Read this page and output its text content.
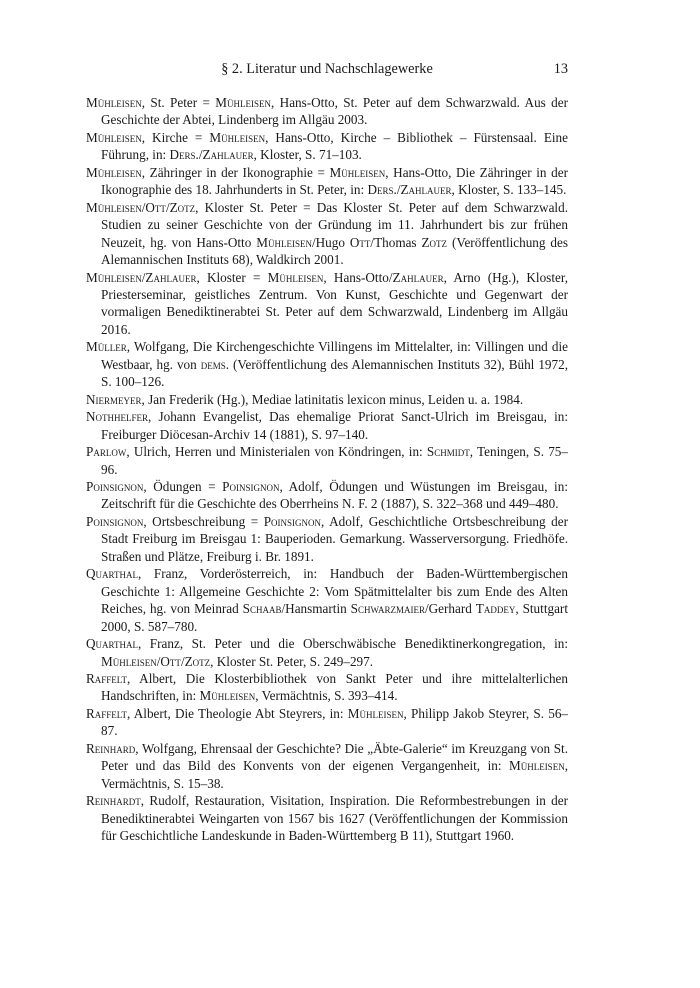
§ 2. Literatur und Nachschlagewerke	13
Mühleisen, St. Peter = Mühleisen, Hans-Otto, St. Peter auf dem Schwarzwald. Aus der Geschichte der Abtei, Lindenberg im Allgäu 2003.
Mühleisen, Kirche = Mühleisen, Hans-Otto, Kirche – Bibliothek – Fürstensaal. Eine Führung, in: Ders./Zahlauer, Kloster, S. 71–103.
Mühleisen, Zähringer in der Ikonographie = Mühleisen, Hans-Otto, Die Zähringer in der Ikonographie des 18. Jahrhunderts in St. Peter, in: Ders./Zahlauer, Kloster, S. 133–145.
Mühleisen/Ott/Zotz, Kloster St. Peter = Das Kloster St. Peter auf dem Schwarzwald. Studien zu seiner Geschichte von der Gründung im 11. Jahrhundert bis zur frühen Neuzeit, hg. von Hans-Otto Mühleisen/Hugo Ott/Thomas Zotz (Veröffentlichung des Alemannischen Instituts 68), Waldkirch 2001.
Mühleisen/Zahlauer, Kloster = Mühleisen, Hans-Otto/Zahlauer, Arno (Hg.), Kloster, Priesterseminar, geistliches Zentrum. Von Kunst, Geschichte und Gegenwart der vormaligen Benediktinerabtei St. Peter auf dem Schwarzwald, Lindenberg im Allgäu 2016.
Müller, Wolfgang, Die Kirchengeschichte Villingens im Mittelalter, in: Villingen und die Westbaar, hg. von dems. (Veröffentlichung des Alemannischen Instituts 32), Bühl 1972, S. 100–126.
Niermeyer, Jan Frederik (Hg.), Mediae latinitatis lexicon minus, Leiden u. a. 1984.
Nothhelfer, Johann Evangelist, Das ehemalige Priorat Sanct-Ulrich im Breisgau, in: Freiburger Diöcesan-Archiv 14 (1881), S. 97–140.
Parlow, Ulrich, Herren und Ministerialen von Köndringen, in: Schmidt, Teningen, S. 75–96.
Poinsignon, Ödungen = Poinsignon, Adolf, Ödungen und Wüstungen im Breisgau, in: Zeitschrift für die Geschichte des Oberrheins N. F. 2 (1887), S. 322–368 und 449–480.
Poinsignon, Ortsbeschreibung = Poinsignon, Adolf, Geschichtliche Ortsbeschreibung der Stadt Freiburg im Breisgau 1: Bauperioden. Gemarkung. Wasserversorgung. Friedhöfe. Straßen und Plätze, Freiburg i. Br. 1891.
Quarthal, Franz, Vorderösterreich, in: Handbuch der Baden-Württembergischen Geschichte 1: Allgemeine Geschichte 2: Vom Spätmittelalter bis zum Ende des Alten Reiches, hg. von Meinrad Schaab/Hansmartin Schwarzmaier/Gerhard Taddey, Stuttgart 2000, S. 587–780.
Quarthal, Franz, St. Peter und die Oberschwäbische Benediktinerkongregation, in: Mühleisen/Ott/Zotz, Kloster St. Peter, S. 249–297.
Raffelt, Albert, Die Klosterbibliothek von Sankt Peter und ihre mittelalterlichen Handschriften, in: Mühleisen, Vermächtnis, S. 393–414.
Raffelt, Albert, Die Theologie Abt Steyrers, in: Mühleisen, Philipp Jakob Steyrer, S. 56–87.
Reinhard, Wolfgang, Ehrensaal der Geschichte? Die „Äbte-Galerie“ im Kreuzgang von St. Peter und das Bild des Konvents von der eigenen Vergangenheit, in: Mühleisen, Vermächtnis, S. 15–38.
Reinhardt, Rudolf, Restauration, Visitation, Inspiration. Die Reformbestrebungen in der Benediktinerabtei Weingarten von 1567 bis 1627 (Veröffentlichungen der Kommission für Geschichtliche Landeskunde in Baden-Württemberg B 11), Stuttgart 1960.
